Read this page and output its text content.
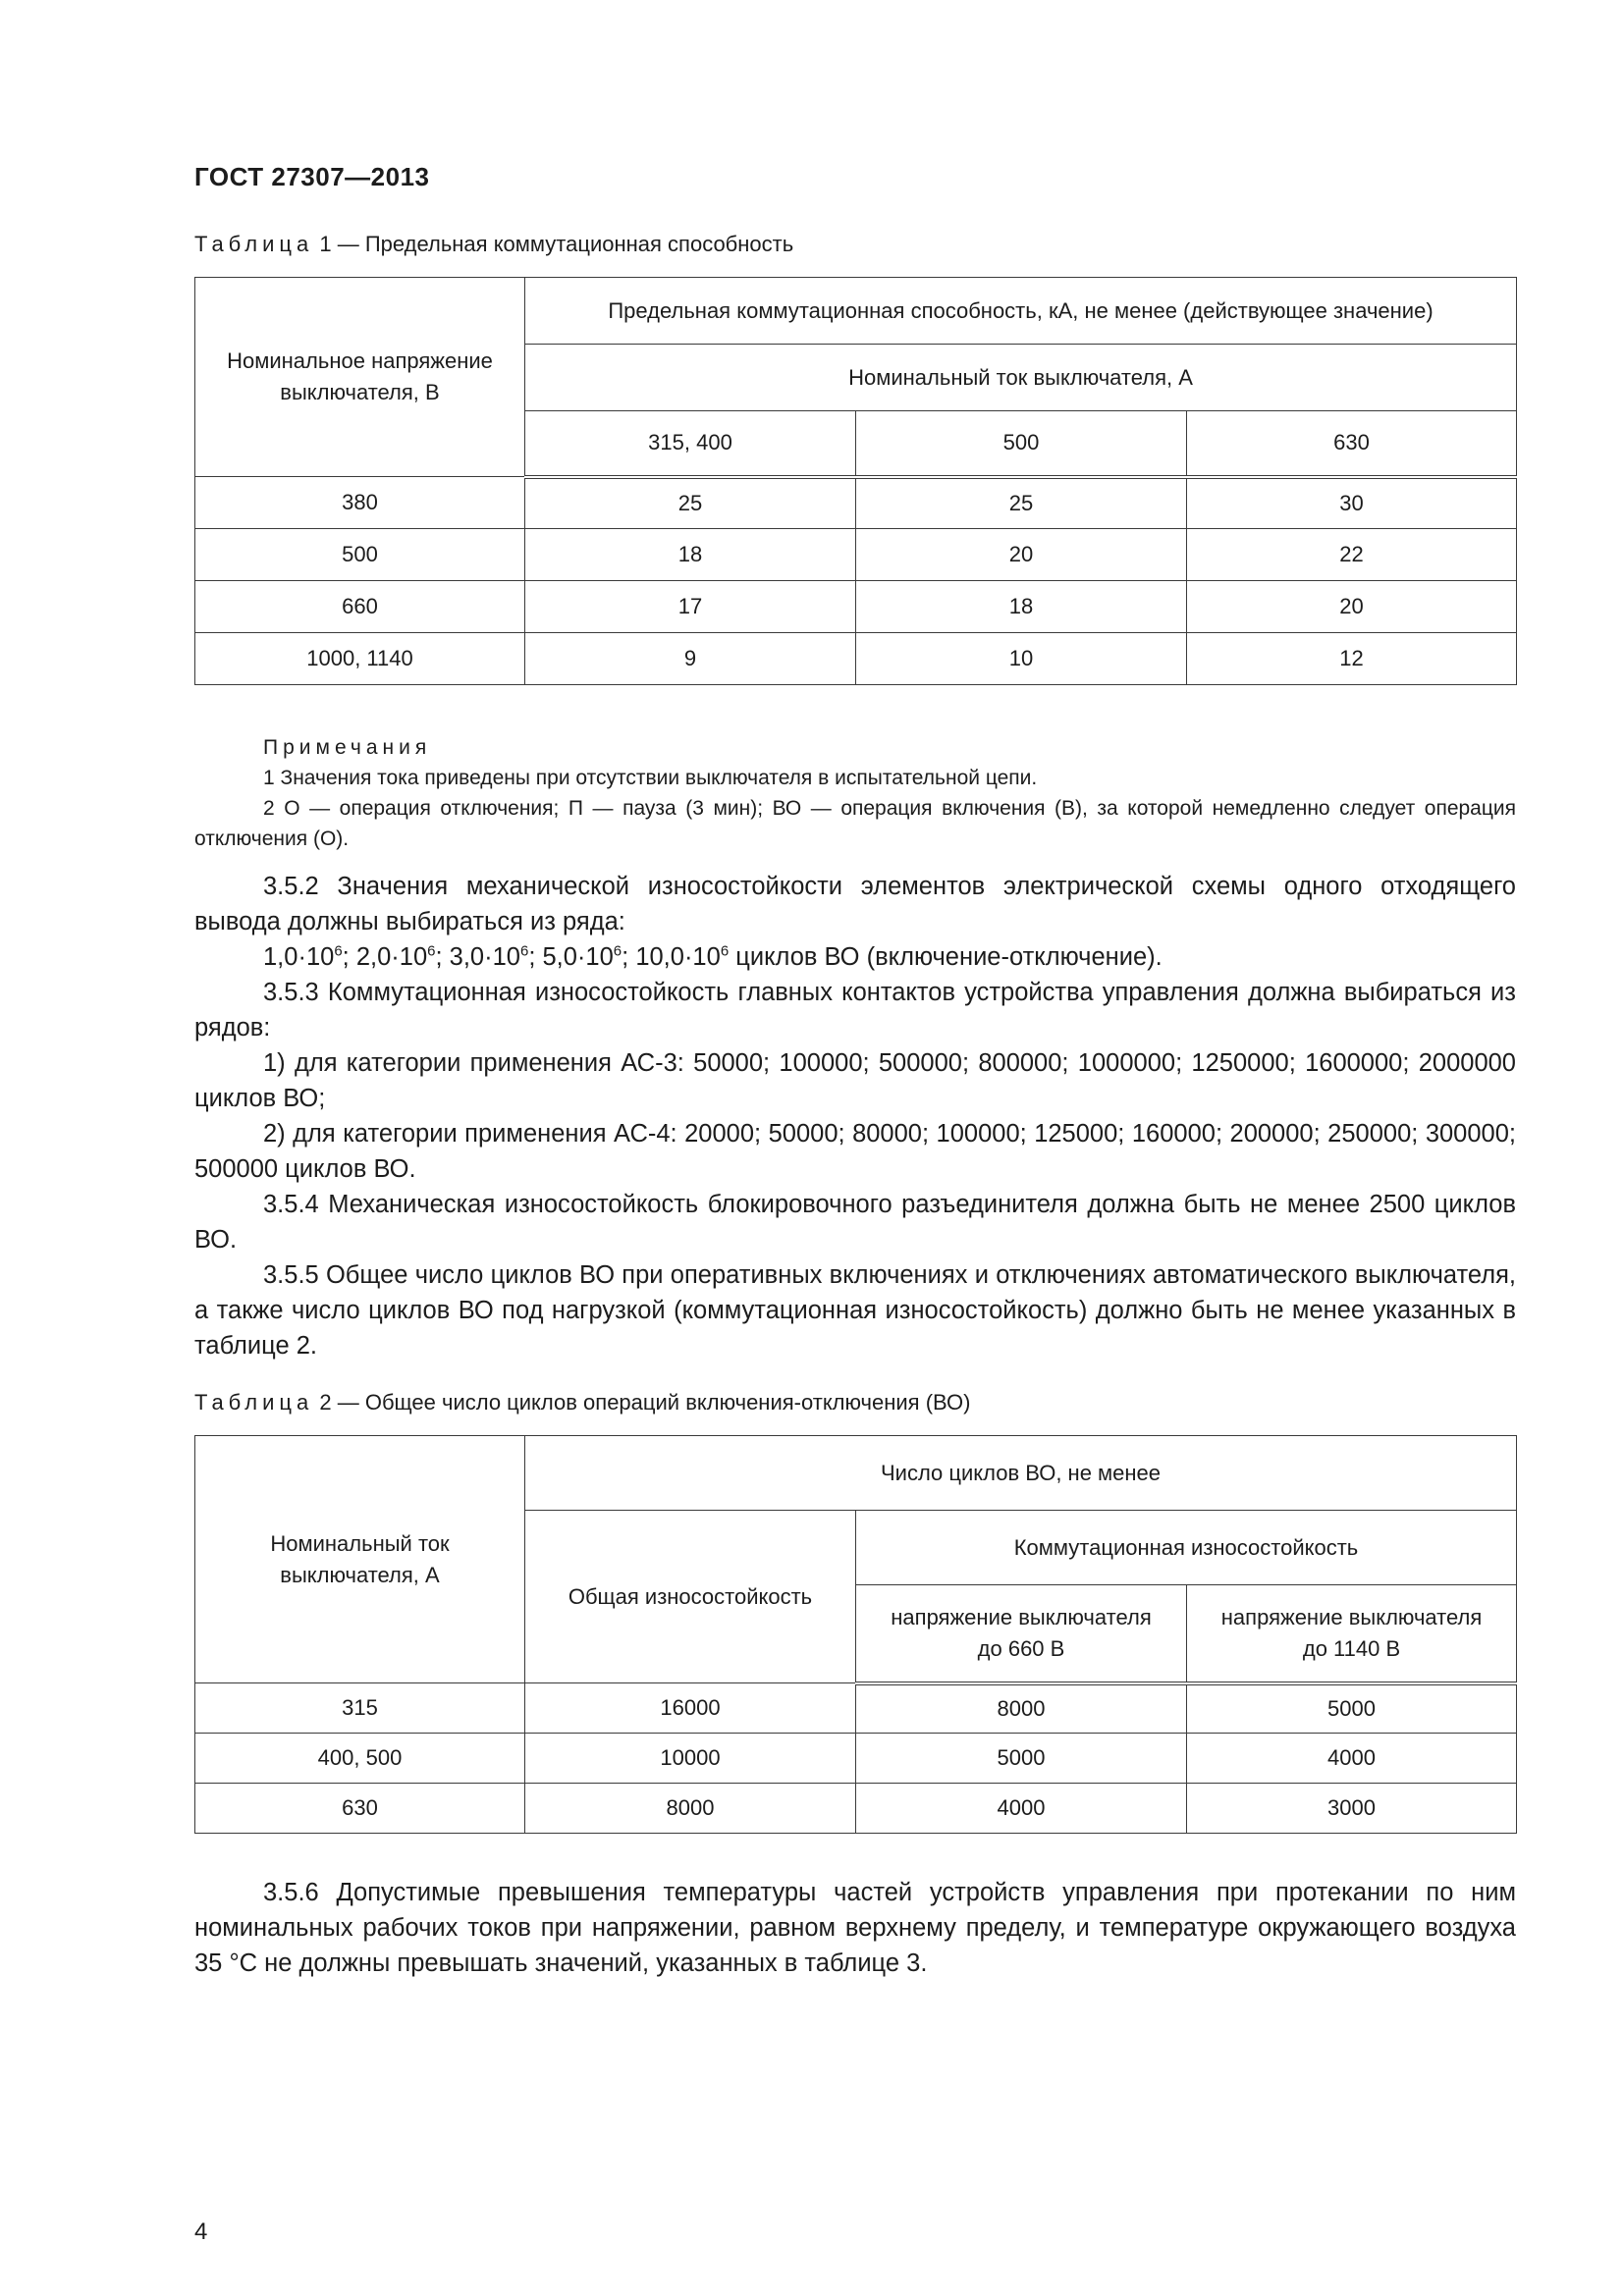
ГОСТ 27307—2013
Таблица 1 — Предельная коммутационная способность
Номинальное напряжение выключателя, В	Предельная коммутационная способность, кА, не менее (действующее значение)		
	Номинальный ток выключателя, А		
	315, 400	500	630
380	25	25	30
500	18	20	22
660	17	18	20
1000, 1140	9	10	12
Примечания
1 Значения тока приведены при отсутствии выключателя в испытательной цепи.
2 О — операция отключения; П — пауза (3 мин); ВО — операция включения (В), за которой немедленно следует операция отключения (О).

3.5.2 Значения механической износостойкости элементов электрической схемы одного отходящего вывода должны выбираться из ряда:

$1,0\cdot 10^6$; $2,0\cdot 10^6$; $3,0\cdot 10^6$; $5,0\cdot 10^6$; $10,0\cdot 10^6$ циклов ВО (включение-отключение).

3.5.3 Коммутационная износостойкость главных контактов устройства управления должна выбираться из рядов:

1) для категории применения АС-3: 50000; 100000; 500000; 800000; 1000000; 1250000; 1600000; 2000000 циклов ВО;

2) для категории применения АС-4: 20000; 50000; 80000; 100000; 125000; 160000; 200000; 250000; 300000; 500000 циклов ВО.

3.5.4 Механическая износостойкость блокировочного разъединителя должна быть не менее 2500 циклов ВО.

3.5.5 Общее число циклов ВО при оперативных включениях и отключениях автоматического выключателя, а также число циклов ВО под нагрузкой (коммутационная износостойкость) должно быть не менее указанных в таблице 2.

Таблица 2 — Общее число циклов операций включения-отключения (ВО)
Номинальный ток выключателя, А	Число циклов ВО, не менее		
	Общая износостойкость	Коммутационная износостойкость	
		напряжение выключателя до 660 В	напряжение выключателя до 1140 В
315	16000	8000	5000
400, 500	10000	5000	4000
630	8000	4000	3000

3.5.6 Допустимые превышения температуры частей устройств управления при протекании по ним номинальных рабочих токов при напряжении, равном верхнему пределу, и температуре окружающего воздуха 35 °С не должны превышать значений, указанных в таблице 3.

4
